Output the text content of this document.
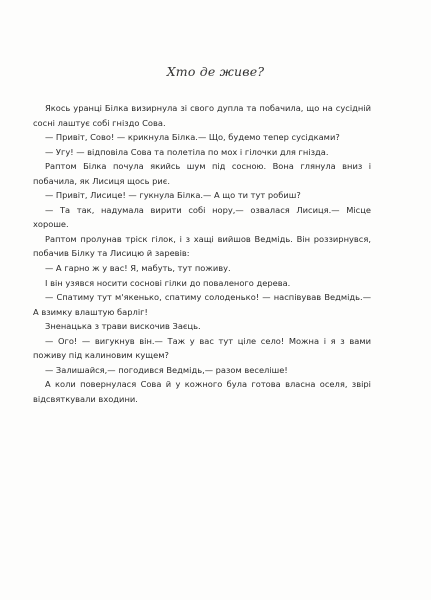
Хто де живе?

Якось уранці Білка визирнула зі свого дупла та побачила, що на сусідній сосні лаштує собі гніздо Сова.

— Привіт, Сово! — крикнула Білка.— Що, будемо тепер сусідками?

— Угу! — відповіла Сова та полетіла по мох і гілочки для гнізда.

Раптом Білка почула якийсь шум під сосною. Вона глянула вниз і побачила, як Лисиця щось риє.

— Привіт, Лисице! — гукнула Білка.— А що ти тут робиш?

— Та так, надумала вирити собі нору,— озвалася Лисиця.— Місце хороше.

Раптом пролунав тріск гілок, і з хащі вийшов Ведмідь. Він роззирнувся, побачив Білку та Лисицю й заревів:

— А гарно ж у вас! Я, мабуть, тут поживу.

І він узявся носити соснові гілки до поваленого дерева.

— Спатиму тут м'якенько, спатиму солоденько! — наспівував Ведмідь.— А взимку влаштую барліг!

Зненацька з трави вискочив Заєць.

— Ого! — вигукнув він.— Таж у вас тут ціле село! Можна і я з вами поживу під калиновим кущем?

— Залишайся,— погодився Ведмідь,— разом веселіше!

А коли повернулася Сова й у кожного була готова власна оселя, звірі відсвяткували входини.
